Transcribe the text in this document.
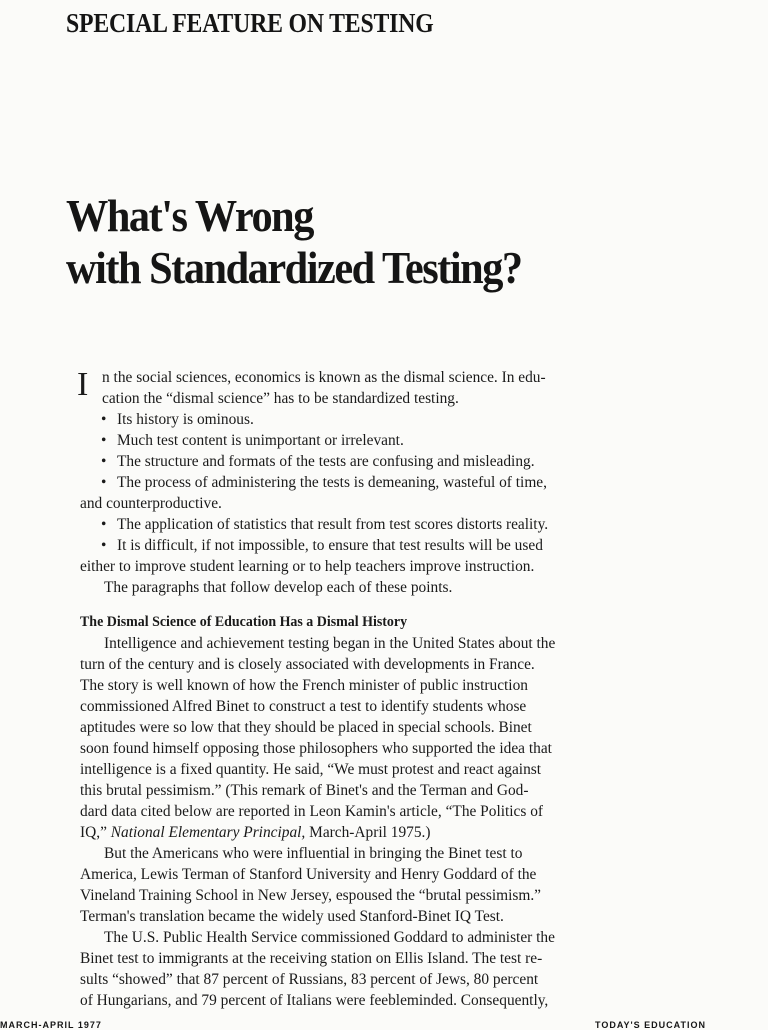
SPECIAL FEATURE ON TESTING
What's Wrong
with Standardized Testing?
I n the social sciences, economics is known as the dismal science. In edu-
cation the “dismal science” has to be standardized testing.
• Its history is ominous.
• Much test content is unimportant or irrelevant.
• The structure and formats of the tests are confusing and misleading.
• The process of administering the tests is demeaning, wasteful of time,
and counterproductive.
• The application of statistics that result from test scores distorts reality.
• It is difficult, if not impossible, to ensure that test results will be used
either to improve student learning or to help teachers improve instruction.
The paragraphs that follow develop each of these points.
The Dismal Science of Education Has a Dismal History
Intelligence and achievement testing began in the United States about the
turn of the century and is closely associated with developments in France.
The story is well known of how the French minister of public instruction
commissioned Alfred Binet to construct a test to identify students whose
aptitudes were so low that they should be placed in special schools. Binet
soon found himself opposing those philosophers who supported the idea that
intelligence is a fixed quantity. He said, “We must protest and react against
this brutal pessimism.” (This remark of Binet's and the Terman and God-
dard data cited below are reported in Leon Kamin's article, “The Politics of
IQ,” National Elementary Principal, March-April 1975.)
But the Americans who were influential in bringing the Binet test to
America, Lewis Terman of Stanford University and Henry Goddard of the
Vineland Training School in New Jersey, espoused the “brutal pessimism.”
Terman's translation became the widely used Stanford-Binet IQ Test.
The U.S. Public Health Service commissioned Goddard to administer the
Binet test to immigrants at the receiving station on Ellis Island. The test re-
sults “showed” that 87 percent of Russians, 83 percent of Jews, 80 percent
of Hungarians, and 79 percent of Italians were feebleminded. Consequently,
MARCH-APRIL 1977	TODAY'S EDUCATION
